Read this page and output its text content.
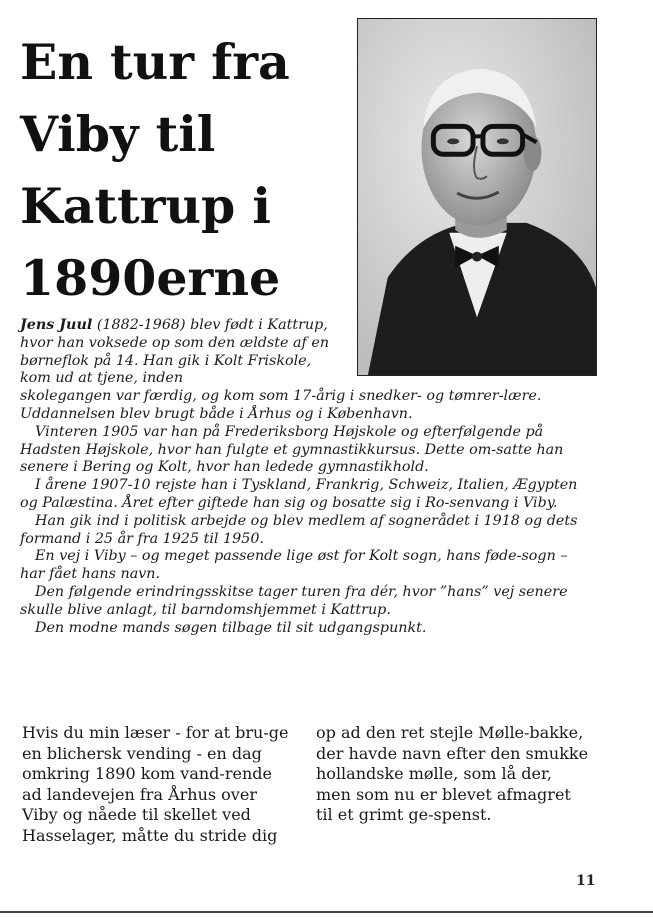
En tur fra
Viby til
Kattrup i
1890erne

Jens Juul (1882-1968) blev født i Kattrup, hvor han voksede op som den ældste af en børneflok på 14. Han gik i Kolt Friskole, kom ud at tjene, inden

skolegangen var færdig, og kom som 17-årig i snedker- og tømrer-lære. Uddannelsen blev brugt både i Århus og i København.

Vinteren 1905 var han på Frederiksborg Højskole og efterfølgende på Hadsten Højskole, hvor han fulgte et gymnastikkursus. Dette om-satte han senere i Bering og Kolt, hvor han ledede gymnastikhold.

I årene 1907-10 rejste han i Tyskland, Frankrig, Schweiz, Italien, Ægypten og Palæstina. Året efter giftede han sig og bosatte sig i Ro-senvang i Viby.

Han gik ind i politisk arbejde og blev medlem af sognerådet i 1918 og dets formand i 25 år fra 1925 til 1950.

En vej i Viby – og meget passende lige øst for Kolt sogn, hans føde-sogn – har fået hans navn.

Den følgende erindringsskitse tager turen fra dér, hvor ”hans” vej senere skulle blive anlagt, til barndomshjemmet i Kattrup.

Den modne mands søgen tilbage til sit udgangspunkt.

Hvis du min læser - for at bru-ge en blichersk vending - en dag omkring 1890 kom vand-rende ad landevejen fra Århus over Viby og nåede til skellet ved Hasselager, måtte du stride dig op ad den ret stejle Mølle-bakke, der havde navn efter den smukke hollandske mølle, som lå der, men som nu er blevet afmagret til et grimt ge-spenst.

11
